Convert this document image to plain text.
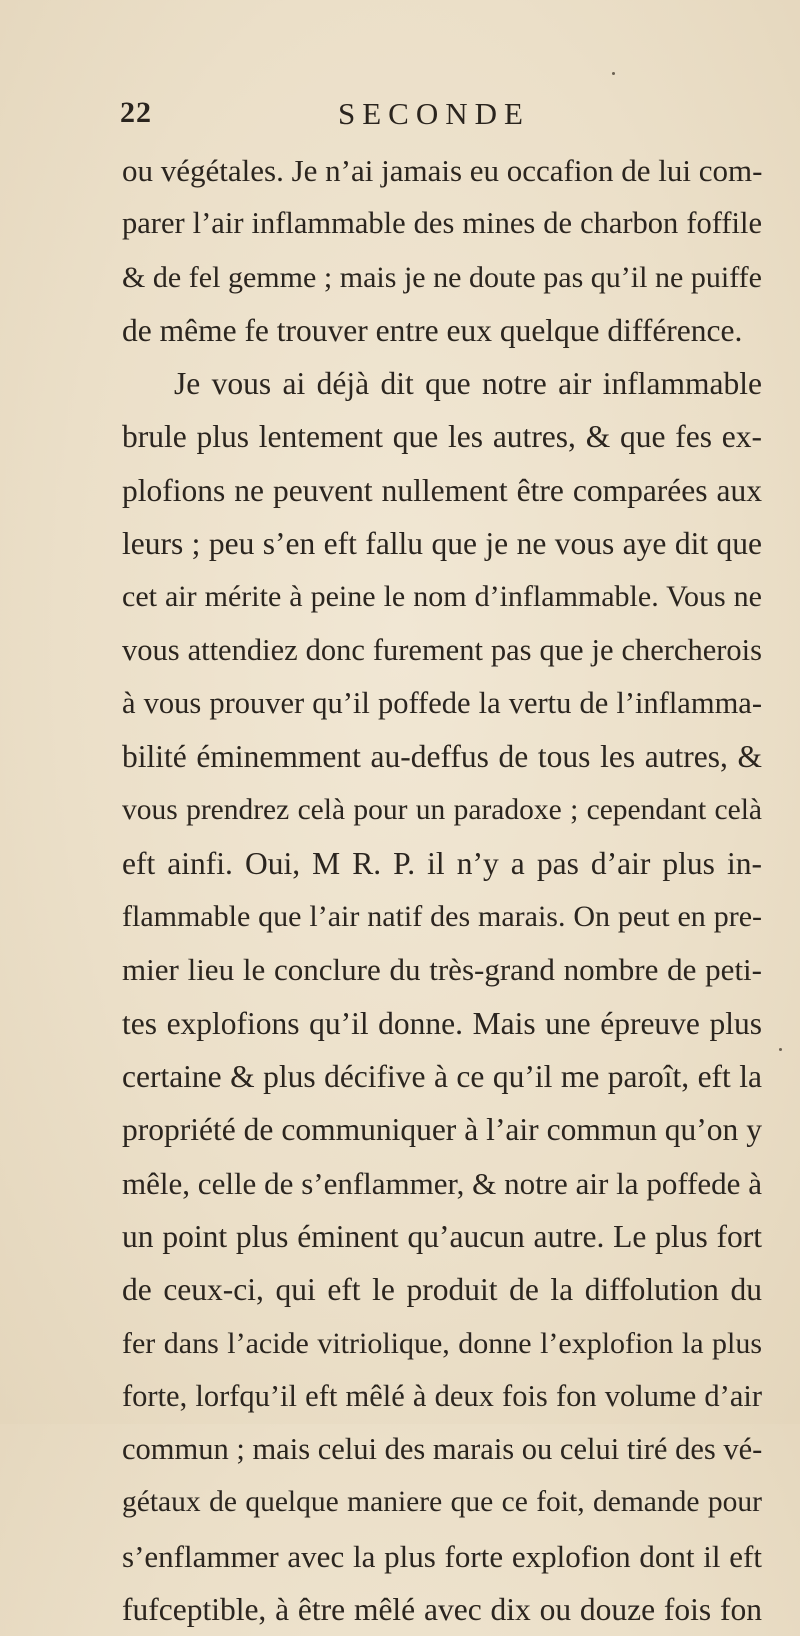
22	SECONDE
ou végétales. Je n’ai jamais eu occafion de lui com-
parer l’air inflammable des mines de charbon foffile
& de fel gemme ; mais je ne doute pas qu’il ne puiffe
de même fe trouver entre eux quelque différence.
Je vous ai déjà dit que notre air inflammable
brule plus lentement que les autres, & que fes ex-
plofions ne peuvent nullement être comparées aux
leurs ; peu s’en eft fallu que je ne vous aye dit que
cet air mérite à peine le nom d’inflammable. Vous ne
vous attendiez donc furement pas que je chercherois
à vous prouver qu’il poffede la vertu de l’inflamma-
bilité éminemment au-deffus de tous les autres, &
vous prendrez celà pour un paradoxe ; cependant celà
eft ainfi. Oui, M R. P. il n’y a pas d’air plus in-
flammable que l’air natif des marais. On peut en pre-
mier lieu le conclure du très-grand nombre de peti-
tes explofions qu’il donne. Mais une épreuve plus
certaine & plus décifive à ce qu’il me paroît, eft la
propriété de communiquer à l’air commun qu’on y
mêle, celle de s’enflammer, & notre air la poffede à
un point plus éminent qu’aucun autre. Le plus fort
de ceux-ci, qui eft le produit de la diffolution du
fer dans l’acide vitriolique, donne l’explofion la plus
forte, lorfqu’il eft mêlé à deux fois fon volume d’air
commun ; mais celui des marais ou celui tiré des vé-
gétaux de quelque maniere que ce foit, demande pour
s’enflammer avec la plus forte explofion dont il eft
fufceptible, à être mêlé avec dix ou douze fois fon
